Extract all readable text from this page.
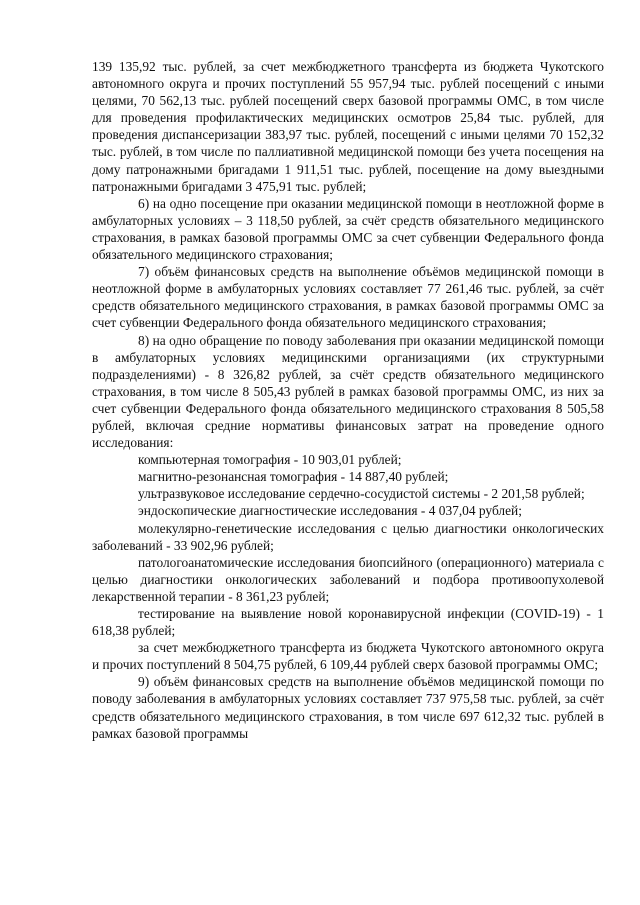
139 135,92 тыс. рублей, за счет межбюджетного трансферта из бюджета Чукотского автономного округа и прочих поступлений 55 957,94 тыс. рублей посещений с иными целями, 70 562,13 тыс. рублей посещений сверх базовой программы ОМС, в том числе для проведения профилактических медицинских осмотров 25,84 тыс. рублей, для проведения диспансеризации 383,97 тыс. рублей, посещений с иными целями 70 152,32 тыс. рублей, в том числе по паллиативной медицинской помощи без учета посещения на дому патронажными бригадами 1 911,51 тыс. рублей, посещение на дому выездными патронажными бригадами 3 475,91 тыс. рублей;

6) на одно посещение при оказании медицинской помощи в неотложной форме в амбулаторных условиях – 3 118,50 рублей, за счёт средств обязательного медицинского страхования, в рамках базовой программы ОМС за счет субвенции Федерального фонда обязательного медицинского страхования;

7) объём финансовых средств на выполнение объёмов медицинской помощи в неотложной форме в амбулаторных условиях составляет 77 261,46 тыс. рублей, за счёт средств обязательного медицинского страхования, в рамках базовой программы ОМС за счет субвенции Федерального фонда обязательного медицинского страхования;

8) на одно обращение по поводу заболевания при оказании медицинской помощи в амбулаторных условиях медицинскими организациями (их структурными подразделениями) - 8 326,82 рублей, за счёт средств обязательного медицинского страхования, в том числе 8 505,43 рублей в рамках базовой программы ОМС, из них за счет субвенции Федерального фонда обязательного медицинского страхования 8 505,58 рублей, включая средние нормативы финансовых затрат на проведение одного исследования:

компьютерная томография - 10 903,01 рублей;

магнитно-резонансная томография - 14 887,40 рублей;

ультразвуковое исследование сердечно-сосудистой системы - 2 201,58 рублей;

эндоскопические диагностические исследования - 4 037,04 рублей;

молекулярно-генетические исследования с целью диагностики онкологических заболеваний - 33 902,96 рублей;

патологоанатомические исследования биопсийного (операционного) материала с целью диагностики онкологических заболеваний и подбора противоопухолевой лекарственной терапии - 8 361,23 рублей;

тестирование на выявление новой коронавирусной инфекции (COVID-19) - 1 618,38 рублей;

за счет межбюджетного трансферта из бюджета Чукотского автономного округа и прочих поступлений 8 504,75 рублей, 6 109,44 рублей сверх базовой программы ОМС;

9) объём финансовых средств на выполнение объёмов медицинской помощи по поводу заболевания в амбулаторных условиях составляет 737 975,58 тыс. рублей, за счёт средств обязательного медицинского страхования, в том числе 697 612,32 тыс. рублей в рамках базовой программы
